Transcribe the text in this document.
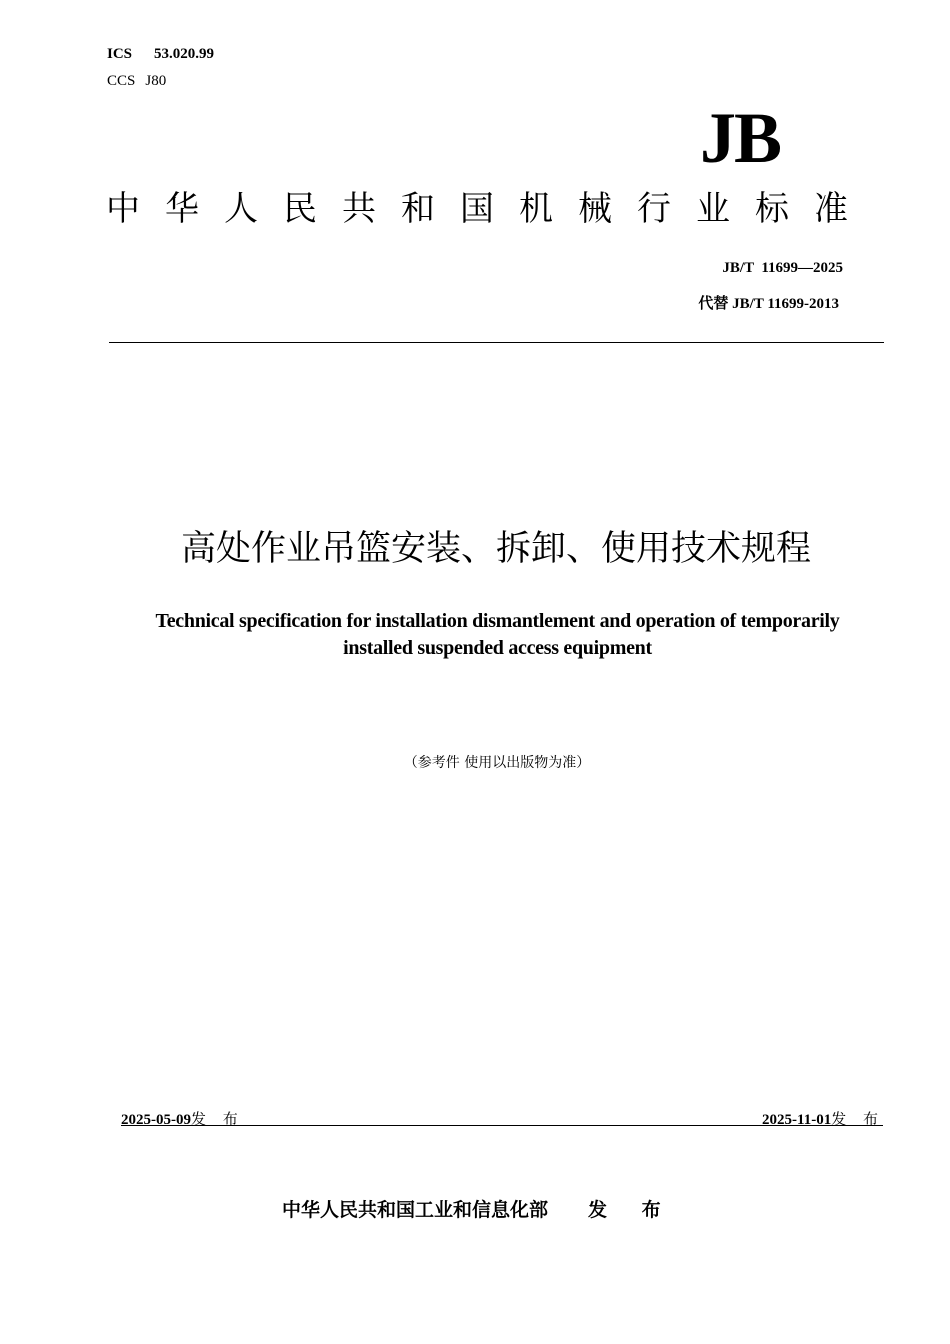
ICS 53.020.99
CCS J80
JB
中华人民共和国机械行业标准
JB/T  11699—2025
代替 JB/T 11699-2013
高处作业吊篮安装、拆卸、使用技术规程
Technical specification for installation dismantlement and operation of temporarily
installed suspended access equipment
（参考件 使用以出版物为准）
2025-05-09发 布	2025-11-01发 布
中华人民共和国工业和信息化部 发 布
